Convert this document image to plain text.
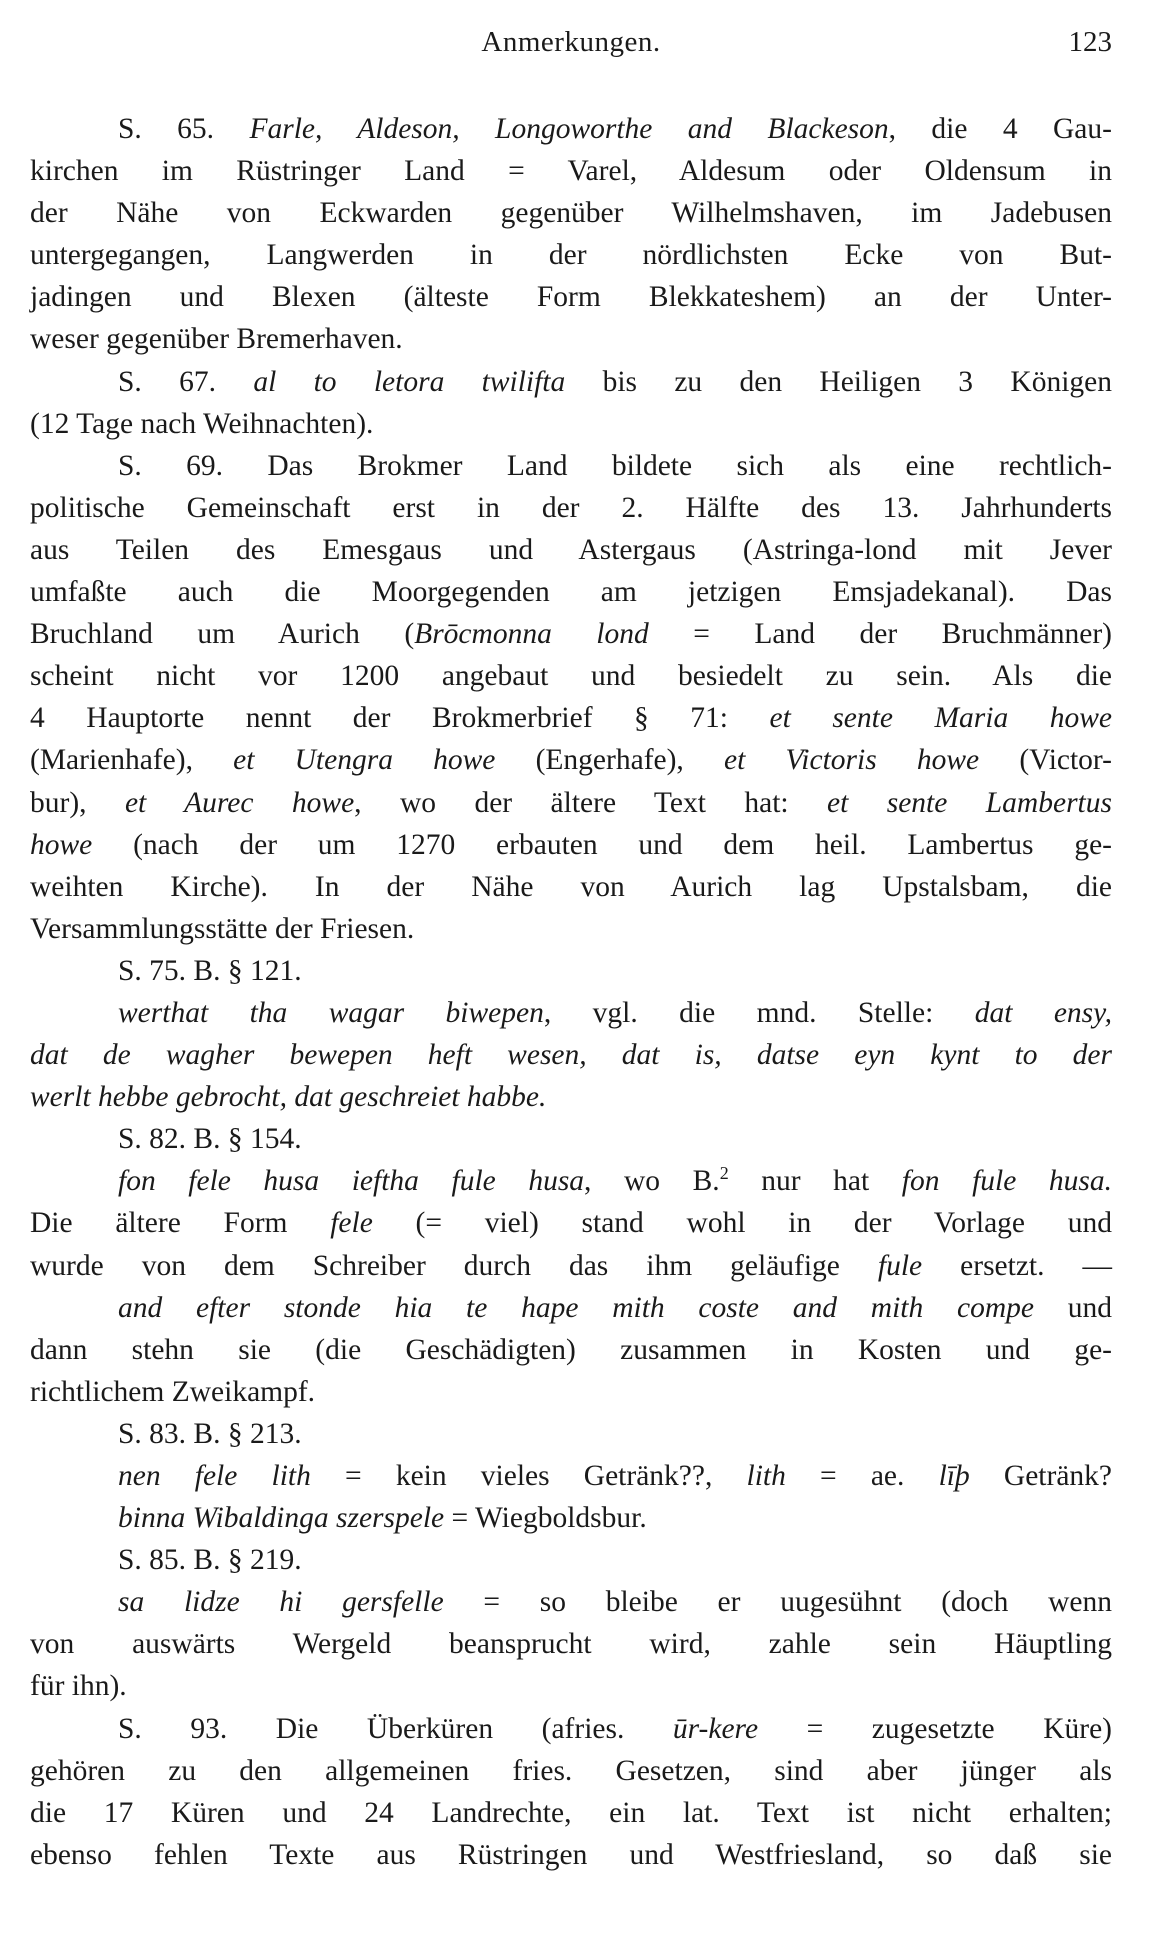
Anmerkungen.	123
S. 65. Farle, Aldeson, Longoworthe and Blackeson, die 4 Gau-
kirchen im Rüstringer Land = Varel, Aldesum oder Oldensum in
der Nähe von Eckwarden gegenüber Wilhelmshaven, im Jadebusen
untergegangen, Langwerden in der nördlichsten Ecke von But-
jadingen und Blexen (älteste Form Blekkateshem) an der Unter-
weser gegenüber Bremerhaven.
S. 67. al to letora twilifta bis zu den Heiligen 3 Königen
(12 Tage nach Weihnachten).
S. 69. Das Brokmer Land bildete sich als eine rechtlich-
politische Gemeinschaft erst in der 2. Hälfte des 13. Jahrhunderts
aus Teilen des Emesgaus und Astergaus (Astringa-lond mit Jever
umfaßte auch die Moorgegenden am jetzigen Emsjadekanal). Das
Bruchland um Aurich (Brōcmonna lond = Land der Bruchmänner)
scheint nicht vor 1200 angebaut und besiedelt zu sein. Als die
4 Hauptorte nennt der Brokmerbrief § 71: et sente Maria howe
(Marienhafe), et Utengra howe (Engerhafe), et Victoris howe (Victor-
bur), et Aurec howe, wo der ältere Text hat: et sente Lambertus
howe (nach der um 1270 erbauten und dem heil. Lambertus ge-
weihten Kirche). In der Nähe von Aurich lag Upstalsbam, die
Versammlungsstätte der Friesen.
S. 75. B. § 121.
werthat tha wagar biwepen, vgl. die mnd. Stelle: dat ensy,
dat de wagher bewepen heft wesen, dat is, datse eyn kynt to der
werlt hebbe gebrocht, dat geschreiet habbe.
S. 82. B. § 154.
fon fele husa ieftha fule husa, wo B.$^2$ nur hat fon fule husa.
Die ältere Form fele (= viel) stand wohl in der Vorlage und
wurde von dem Schreiber durch das ihm geläufige fule ersetzt. —
and efter stonde hia te hape mith coste and mith compe und
dann stehn sie (die Geschädigten) zusammen in Kosten und ge-
richtlichem Zweikampf.
S. 83. B. § 213.
nen fele lith = kein vieles Getränk??, lith = ae. līþ Getränk?
binna Wibaldinga szerspele = Wiegboldsbur.
S. 85. B. § 219.
sa lidze hi gersfelle = so bleibe er uugesühnt (doch wenn
von auswärts Wergeld beansprucht wird, zahle sein Häuptling
für ihn).
S. 93. Die Überküren (afries. ūr-kere = zugesetzte Küre)
gehören zu den allgemeinen fries. Gesetzen, sind aber jünger als
die 17 Küren und 24 Landrechte, ein lat. Text ist nicht erhalten;
ebenso fehlen Texte aus Rüstringen und Westfriesland, so daß sie
